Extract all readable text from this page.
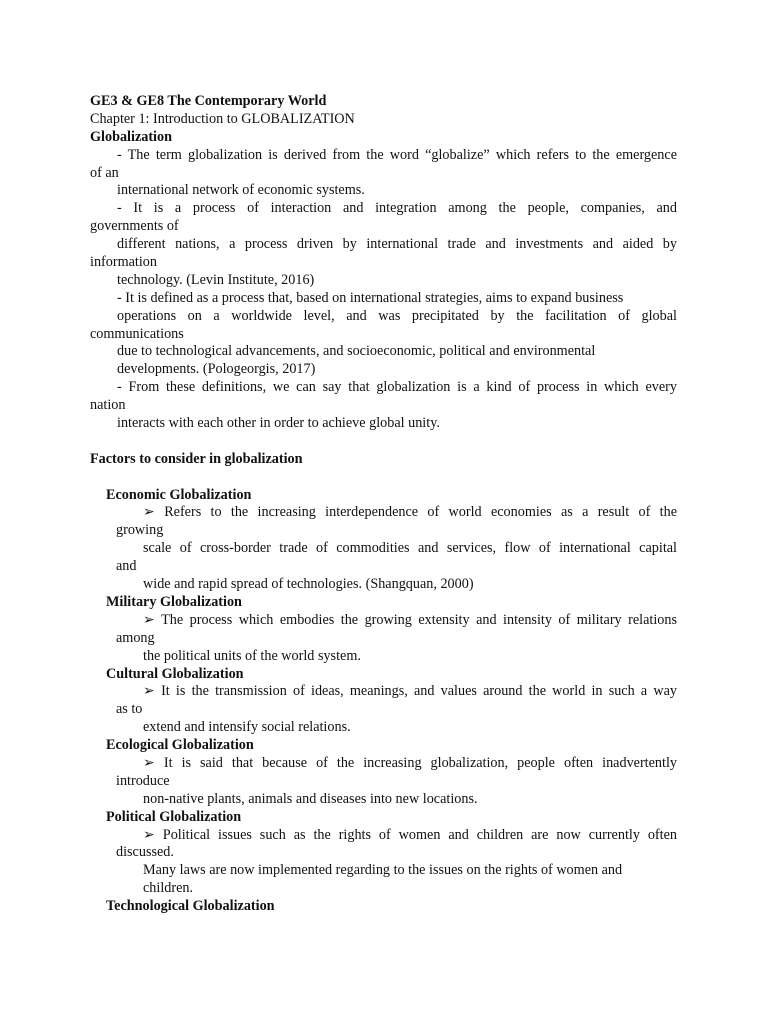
GE3 & GE8 The Contemporary World
Chapter 1: Introduction to GLOBALIZATION
Globalization
- The term globalization is derived from the word “globalize” which refers to the emergence
of an
international network of economic systems.
- It is a process of interaction and integration among the people, companies, and
governments of
different nations, a process driven by international trade and investments and aided by
information
technology. (Levin Institute, 2016)
- It is defined as a process that, based on international strategies, aims to expand business
operations on a worldwide level, and was precipitated by the facilitation of global
communications
due to technological advancements, and socioeconomic, political and environmental
developments. (Pologeorgis, 2017)
- From these definitions, we can say that globalization is a kind of process in which every
nation
interacts with each other in order to achieve global unity.
Factors to consider in globalization
Economic Globalization
➢ Refers to the increasing interdependence of world economies as a result of the
growing
scale of cross-border trade of commodities and services, flow of international capital
and
wide and rapid spread of technologies. (Shangquan, 2000)
Military Globalization
➢ The process which embodies the growing extensity and intensity of military relations
among
the political units of the world system.
Cultural Globalization
➢ It is the transmission of ideas, meanings, and values around the world in such a way
as to
extend and intensify social relations.
Ecological Globalization
➢ It is said that because of the increasing globalization, people often inadvertently
introduce
non-native plants, animals and diseases into new locations.
Political Globalization
➢ Political issues such as the rights of women and children are now currently often
discussed.
Many laws are now implemented regarding to the issues on the rights of women and
children.
Technological Globalization
